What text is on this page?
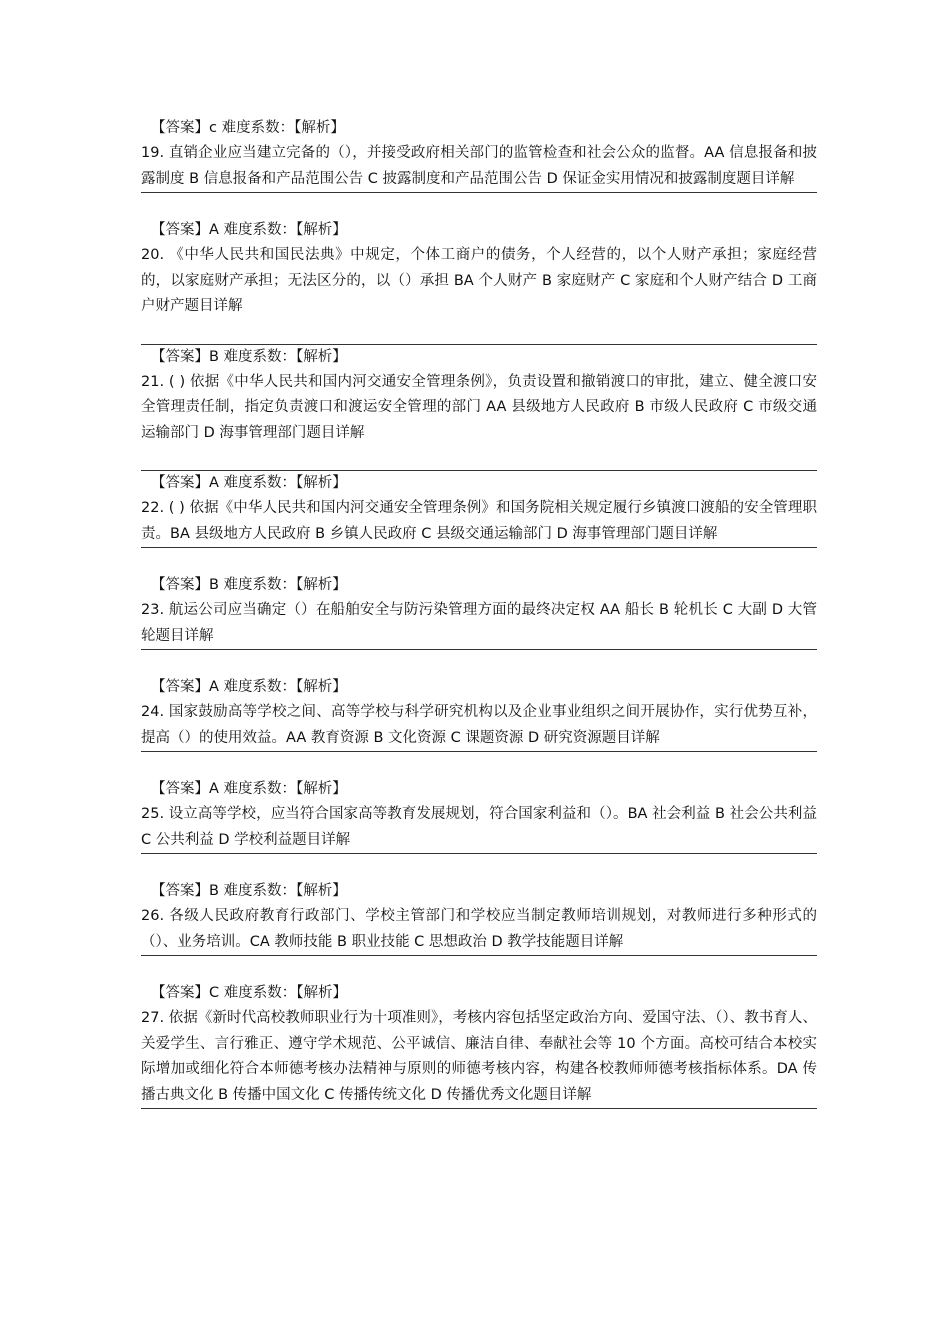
【答案】c 难度系数：【解析】
19. 直销企业应当建立完备的（），并接受政府相关部门的监管检查和社会公众的监督。AA 信息报备和披露制度 B 信息报备和产品范围公告 C 披露制度和产品范围公告 D 保证金实用情况和披露制度题目详解
【答案】A 难度系数：【解析】
20. 《中华人民共和国民法典》中规定，个体工商户的债务，个人经营的，以个人财产承担；家庭经营的，以家庭财产承担；无法区分的，以（）承担 BA 个人财产 B 家庭财产 C 家庭和个人财产结合 D 工商户财产题目详解
【答案】B 难度系数：【解析】
21. ( ) 依据《中华人民共和国内河交通安全管理条例》，负责设置和撤销渡口的审批，建立、健全渡口安全管理责任制，指定负责渡口和渡运安全管理的部门 AA 县级地方人民政府 B 市级人民政府 C 市级交通运输部门 D 海事管理部门题目详解
【答案】A 难度系数：【解析】
22. ( ) 依据《中华人民共和国内河交通安全管理条例》和国务院相关规定履行乡镇渡口渡船的安全管理职责。BA 县级地方人民政府 B 乡镇人民政府 C 县级交通运输部门 D 海事管理部门题目详解
【答案】B 难度系数：【解析】
23. 航运公司应当确定（）在船舶安全与防污染管理方面的最终决定权 AA 船长 B 轮机长 C 大副 D 大管轮题目详解
【答案】A 难度系数：【解析】
24. 国家鼓励高等学校之间、高等学校与科学研究机构以及企业事业组织之间开展协作，实行优势互补，提高（）的使用效益。AA 教育资源 B 文化资源 C 课题资源 D 研究资源题目详解
【答案】A 难度系数：【解析】
25. 设立高等学校，应当符合国家高等教育发展规划，符合国家利益和（）。BA 社会利益 B 社会公共利益 C 公共利益 D 学校利益题目详解
【答案】B 难度系数：【解析】
26. 各级人民政府教育行政部门、学校主管部门和学校应当制定教师培训规划，对教师进行多种形式的（）、业务培训。CA 教师技能 B 职业技能 C 思想政治 D 教学技能题目详解
【答案】C 难度系数：【解析】
27. 依据《新时代高校教师职业行为十项准则》，考核内容包括坚定政治方向、爱国守法、（）、教书育人、关爱学生、言行雅正、遵守学术规范、公平诚信、廉洁自律、奉献社会等 10 个方面。高校可结合本校实际增加或细化符合本师德考核办法精神与原则的师德考核内容，构建各校教师师德考核指标体系。DA 传播古典文化 B 传播中国文化 C 传播传统文化 D 传播优秀文化题目详解
